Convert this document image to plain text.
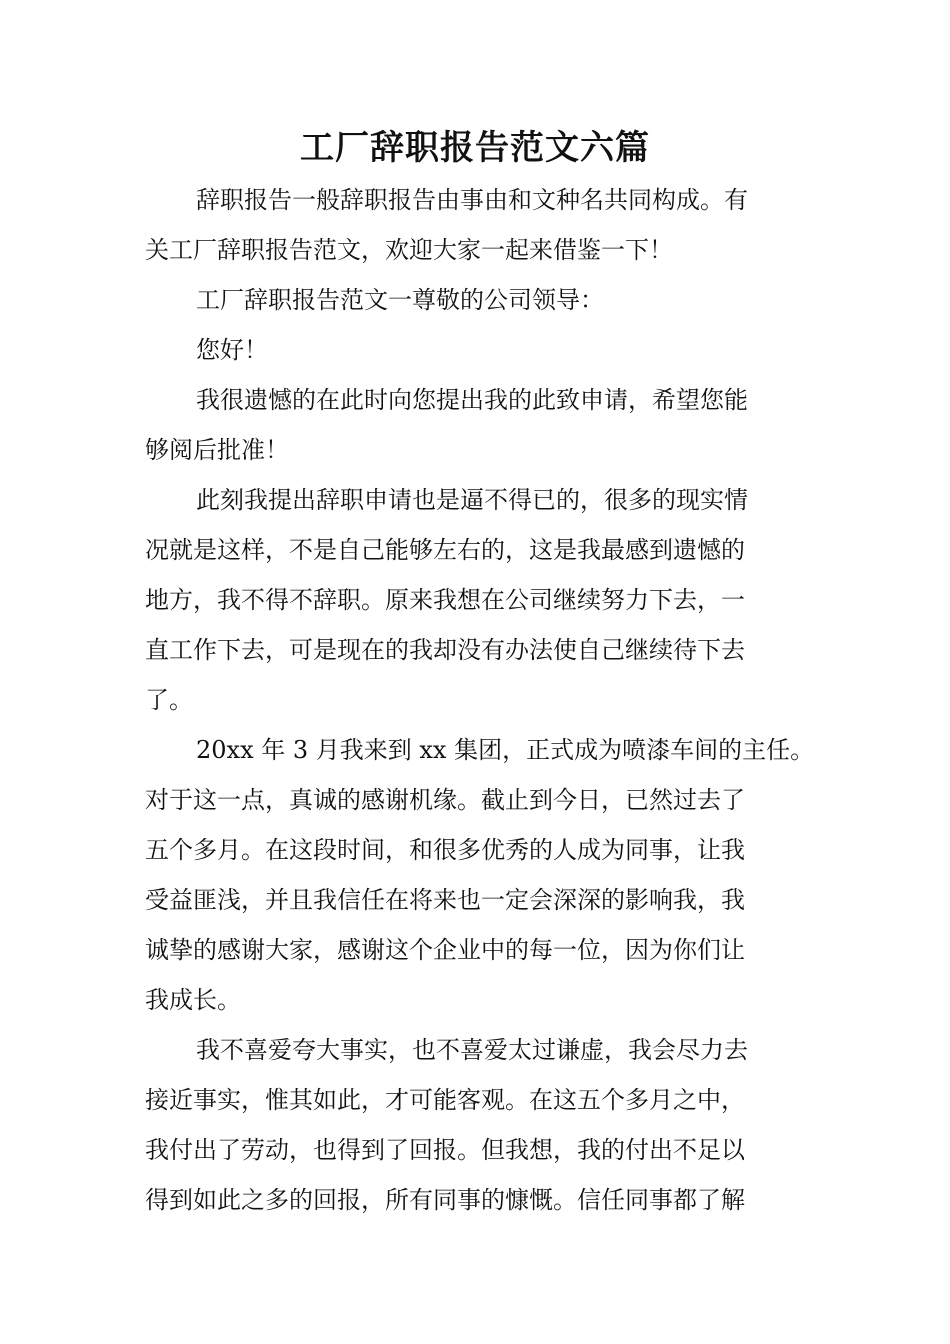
工厂辞职报告范文六篇

辞职报告一般辞职报告由事由和文种名共同构成。有
关工厂辞职报告范文，欢迎大家一起来借鉴一下！

工厂辞职报告范文一尊敬的公司领导：

您好！

我很遗憾的在此时向您提出我的此致申请，希望您能
够阅后批准！

此刻我提出辞职申请也是逼不得已的，很多的现实情
况就是这样，不是自己能够左右的，这是我最感到遗憾的
地方，我不得不辞职。原来我想在公司继续努力下去，一
直工作下去，可是现在的我却没有办法使自己继续待下去
了。

20xx 年 3 月我来到 xx 集团，正式成为喷漆车间的主任。
对于这一点，真诚的感谢机缘。截止到今日，已然过去了
五个多月。在这段时间，和很多优秀的人成为同事，让我
受益匪浅，并且我信任在将来也一定会深深的影响我，我
诚挚的感谢大家，感谢这个企业中的每一位，因为你们让
我成长。

我不喜爱夸大事实，也不喜爱太过谦虚，我会尽力去
接近事实，惟其如此，才可能客观。在这五个多月之中，
我付出了劳动，也得到了回报。但我想，我的付出不足以
得到如此之多的回报，所有同事的慷慨。信任同事都了解
